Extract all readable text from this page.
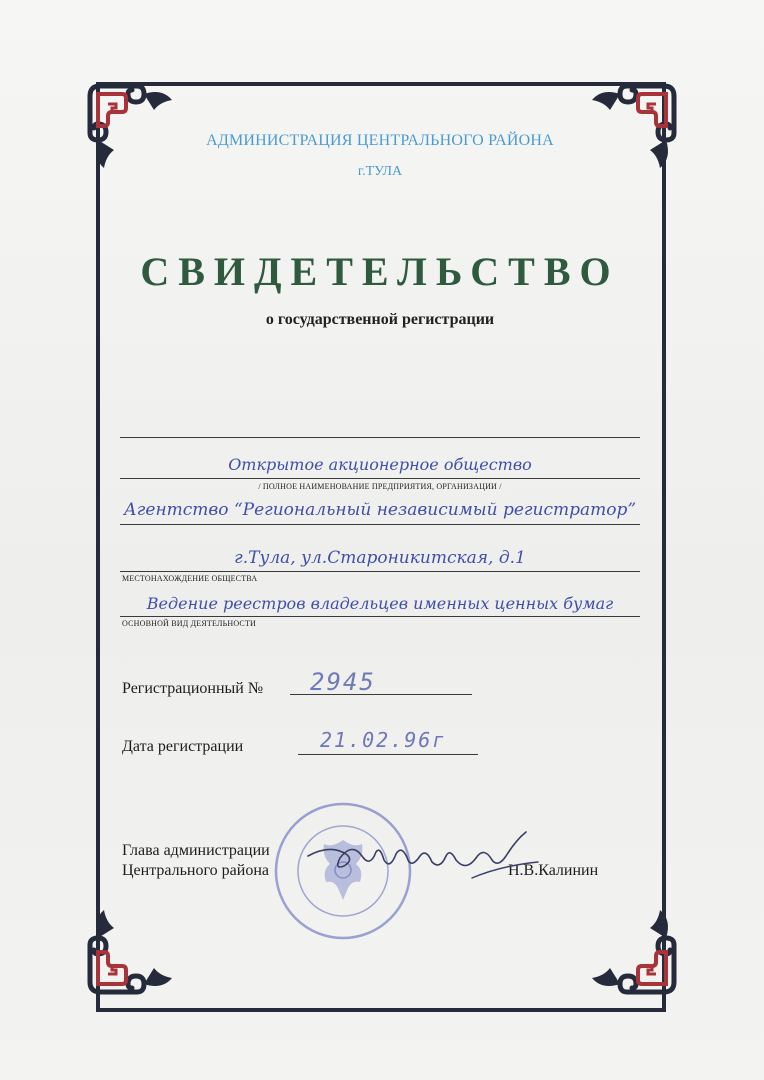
АДМИНИСТРАЦИЯ ЦЕНТРАЛЬНОГО РАЙОНА
г.ТУЛА
СВИДЕТЕЛЬСТВО
о государственной регистрации
Открытое акционерное общество
/ ПОЛНОЕ НАИМЕНОВАНИЕ ПРЕДПРИЯТИЯ, ОРГАНИЗАЦИИ /
Агентство “Региональный независимый регистратор”
г.Тула, ул.Староникитская, д.1
МЕСТОНАХОЖДЕНИЕ ОБЩЕСТВА
Ведение реестров владельцев именных ценных бумаг
ОСНОВНОЙ ВИД ДЕЯТЕЛЬНОСТИ
Регистрационный № 2945
Дата регистрации	21.02.96г
Глава администрации
Центрального района	Н.В.Калинин
